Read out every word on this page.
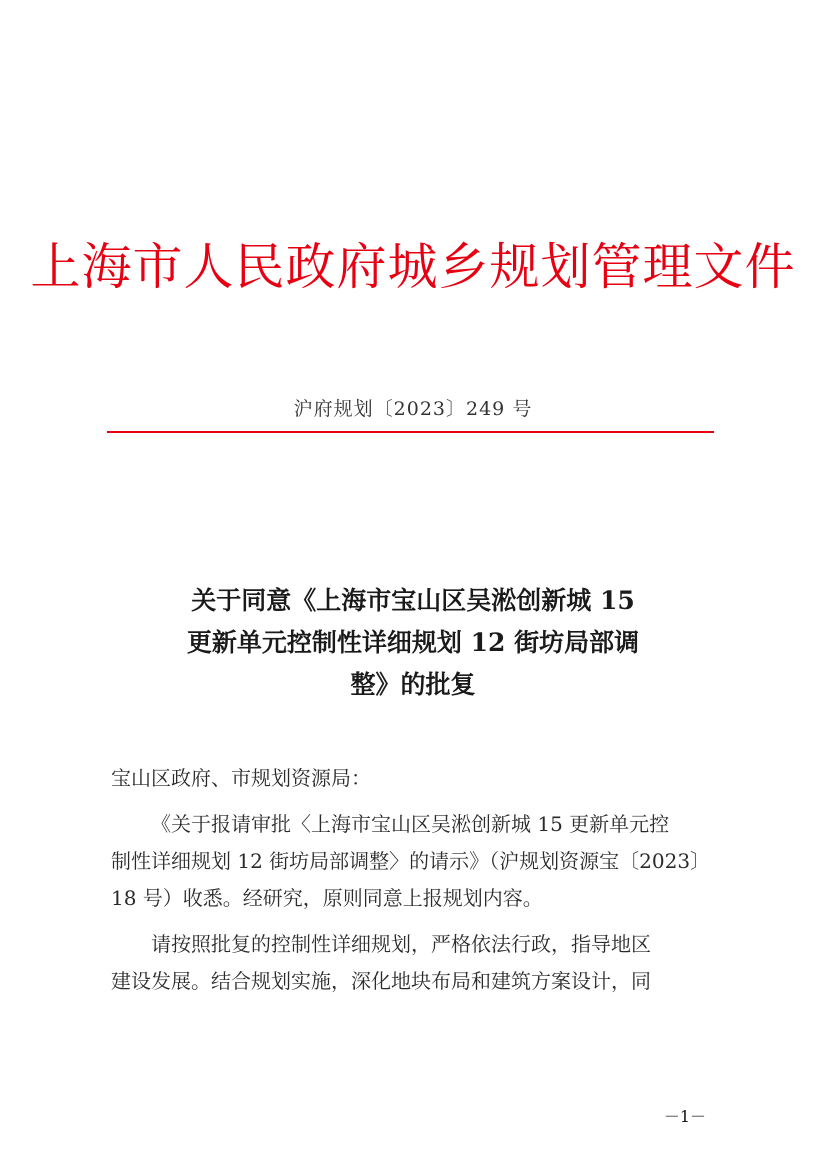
上海市人民政府城乡规划管理文件
沪府规划〔2023〕249 号
关于同意《上海市宝山区吴淞创新城 15
更新单元控制性详细规划 12 街坊局部调
整》的批复
宝山区政府、市规划资源局：
《关于报请审批〈上海市宝山区吴淞创新城 15 更新单元控
制性详细规划 12 街坊局部调整〉的请示》（沪规划资源宝〔2023〕
18 号）收悉。经研究，原则同意上报规划内容。
请按照批复的控制性详细规划，严格依法行政，指导地区
建设发展。结合规划实施，深化地块布局和建筑方案设计，同
－1－
